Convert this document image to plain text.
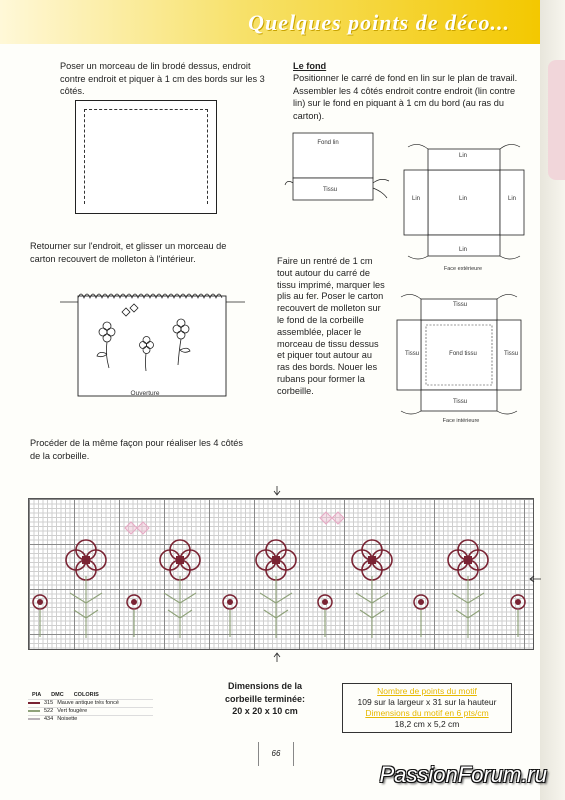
Quelques points de déco...
Poser un morceau de lin brodé dessus, endroit contre endroit et piquer à 1 cm des bords sur les 3 côtés.
Retourner sur l'endroit, et glisser un morceau de carton recouvert de molleton à l'intérieur.
Ouverture
Procéder de la même façon pour réaliser les 4 côtés de la corbeille.
Le fond
Positionner le carré de fond en lin sur le plan de travail. Assembler les 4 côtés endroit contre endroit (lin contre lin) sur le fond en piquant à 1 cm du bord (au ras du carton).
Fond lin
Tissu
Lin
Lin
Lin	Lin
Lin
Face extérieure
Faire un rentré de 1 cm tout autour du carré de tissu imprimé, marquer les plis au fer. Poser le carton recouvert de molleton sur le fond de la corbeille assemblée, placer le morceau de tissu dessus et piquer tout autour au ras des bords. Nouer les rubans pour former la corbeille.
Tissu
Fond tissu
Tissu	Tissu
Tissu
Face intérieure
PIA DMC COLORIS
315 Mauve antique très foncé
522 Vert fougère
434 Noisette
Dimensions de la
corbeille terminée:
20 x 20 x 10 cm
Nombre de points du motif
109 sur la largeur x 31 sur la hauteur
Dimensions du motif en 6 pts/cm
18,2 cm x 5,2 cm
66
PassionForum.ru
